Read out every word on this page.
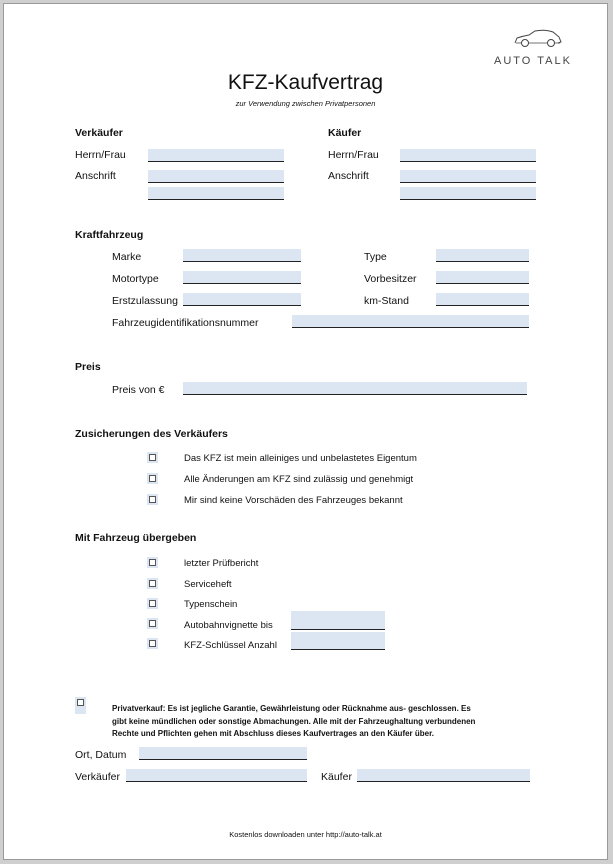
AUTO TALK
KFZ-Kaufvertrag
zur Verwendung zwischen Privatpersonen
Verkäufer
Herrn/Frau
Anschrift
Käufer
Herrn/Frau
Anschrift
Kraftfahrzeug
Marke	Type
Motortype	Vorbesitzer
Erstzulassung	km-Stand
Fahrzeugidentifikationsnummer
Preis
Preis von €
Zusicherungen des Verkäufers
Das KFZ ist mein alleiniges und unbelastetes Eigentum
Alle Änderungen am KFZ sind zulässig und genehmigt
Mir sind keine Vorschäden des Fahrzeuges bekannt
Mit Fahrzeug übergeben
letzter Prüfbericht
Serviceheft
Typenschein
Autobahnvignette bis
KFZ-Schlüssel Anzahl
Privatverkauf: Es ist jegliche Garantie, Gewährleistung oder Rücknahme aus- geschlossen. Es
gibt keine mündlichen oder sonstige Abmachungen. Alle mit der Fahrzeughaltung verbundenen
Rechte und Pflichten gehen mit Abschluss dieses Kaufvertrages an den Käufer über.
Ort, Datum
Verkäufer	Käufer
Kostenlos downloaden unter http://auto-talk.at
